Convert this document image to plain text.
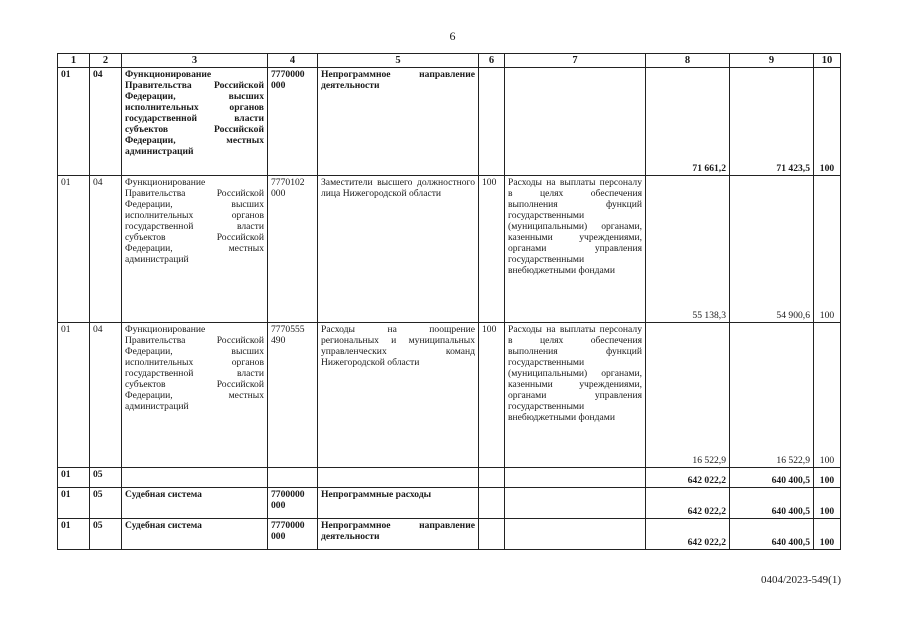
6
1	2	3	4	5	6	7	8	9	10
01	04	Функционирование Правительства Российской Федерации, высших исполнительных органов государственной власти субъектов Российской Федерации, местных администраций	7770000 000	Непрограммное направление деятельности			71 661,2	71 423,5	100
01	04	Функционирование Правительства Российской Федерации, высших исполнительных органов государственной власти субъектов Российской Федерации, местных администраций	7770102 000	Заместители высшего должностного лица Нижегородской области	100	Расходы на выплаты персоналу в целях обеспечения выполнения функций государственными (муниципальными) органами, казенными учреждениями, органами управления государственными внебюджетными фондами	55 138,3	54 900,6	100
01	04	Функционирование Правительства Российской Федерации, высших исполнительных органов государственной власти субъектов Российской Федерации, местных администраций	7770555 490	Расходы на поощрение региональных и муниципальных управленческих команд Нижегородской области	100	Расходы на выплаты персоналу в целях обеспечения выполнения функций государственными (муниципальными) органами, казенными учреждениями, органами управления государственными внебюджетными фондами	16 522,9	16 522,9	100
01	05						642 022,2	640 400,5	100
01	05	Судебная система	7700000 000	Непрограммные расходы			642 022,2	640 400,5	100
01	05	Судебная система	7770000 000	Непрограммное направление деятельности			642 022,2	640 400,5	100
0404/2023-549(1)
